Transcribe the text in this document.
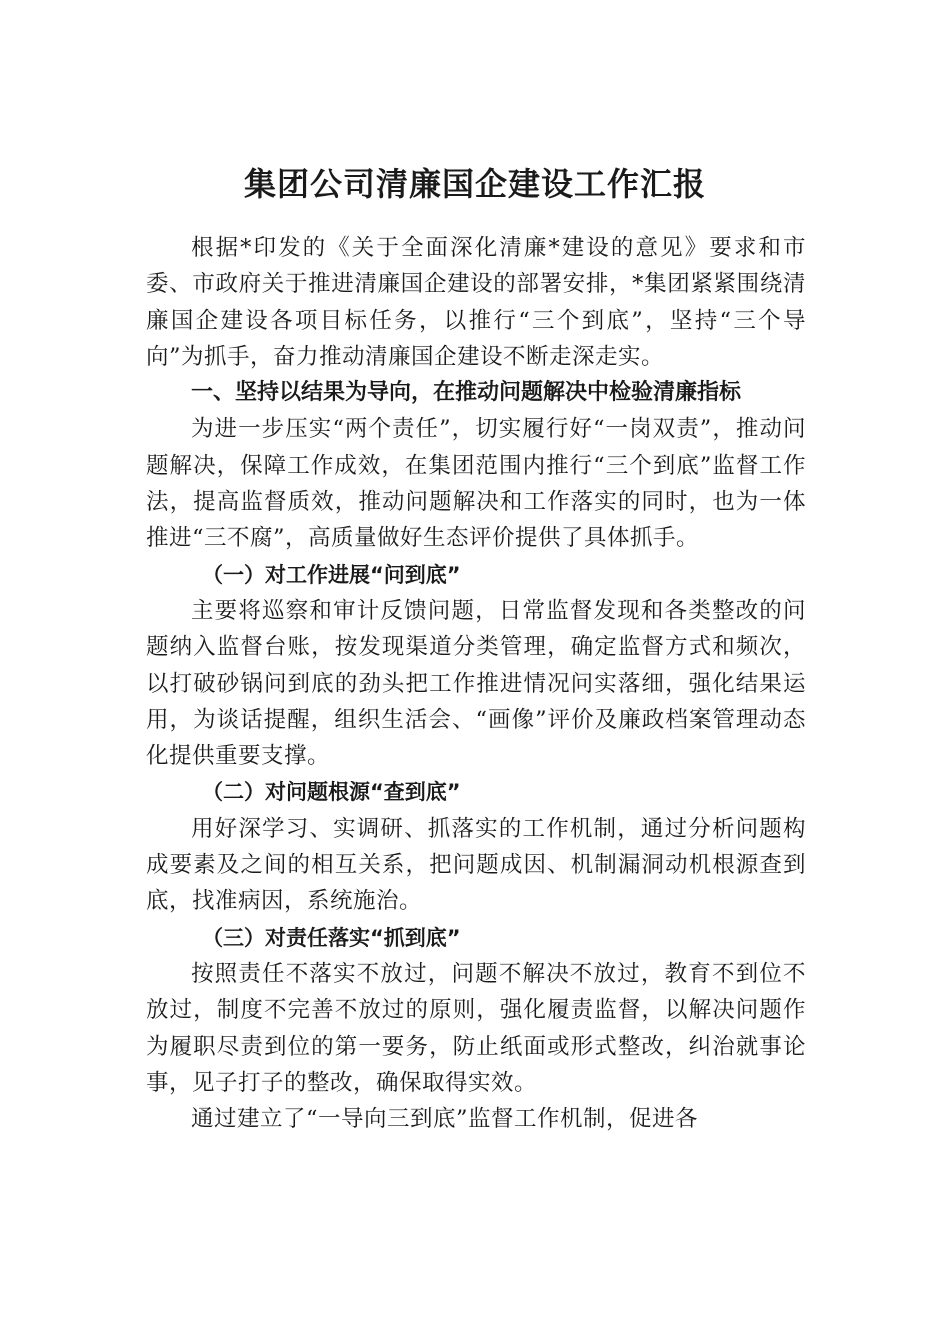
集团公司清廉国企建设工作汇报

根据*印发的《关于全面深化清廉*建设的意见》要求和市委、市政府关于推进清廉国企建设的部署安排，*集团紧紧围绕清廉国企建设各项目标任务，以推行“三个到底”，坚持“三个导向”为抓手，奋力推动清廉国企建设不断走深走实。

一、坚持以结果为导向，在推动问题解决中检验清廉指标

为进一步压实“两个责任”，切实履行好“一岗双责”，推动问题解决，保障工作成效，在集团范围内推行“三个到底”监督工作法，提高监督质效，推动问题解决和工作落实的同时，也为一体推进“三不腐”，高质量做好生态评价提供了具体抓手。

（一）对工作进展“问到底”

主要将巡察和审计反馈问题，日常监督发现和各类整改的问题纳入监督台账，按发现渠道分类管理，确定监督方式和频次，以打破砂锅问到底的劲头把工作推进情况问实落细，强化结果运用，为谈话提醒，组织生活会、“画像”评价及廉政档案管理动态化提供重要支撑。

（二）对问题根源“查到底”

用好深学习、实调研、抓落实的工作机制，通过分析问题构成要素及之间的相互关系，把问题成因、机制漏洞动机根源查到底，找准病因，系统施治。

（三）对责任落实“抓到底”

按照责任不落实不放过，问题不解决不放过，教育不到位不放过，制度不完善不放过的原则，强化履责监督，以解决问题作为履职尽责到位的第一要务，防止纸面或形式整改，纠治就事论事，见子打子的整改，确保取得实效。

通过建立了“一导向三到底”监督工作机制，促进各
